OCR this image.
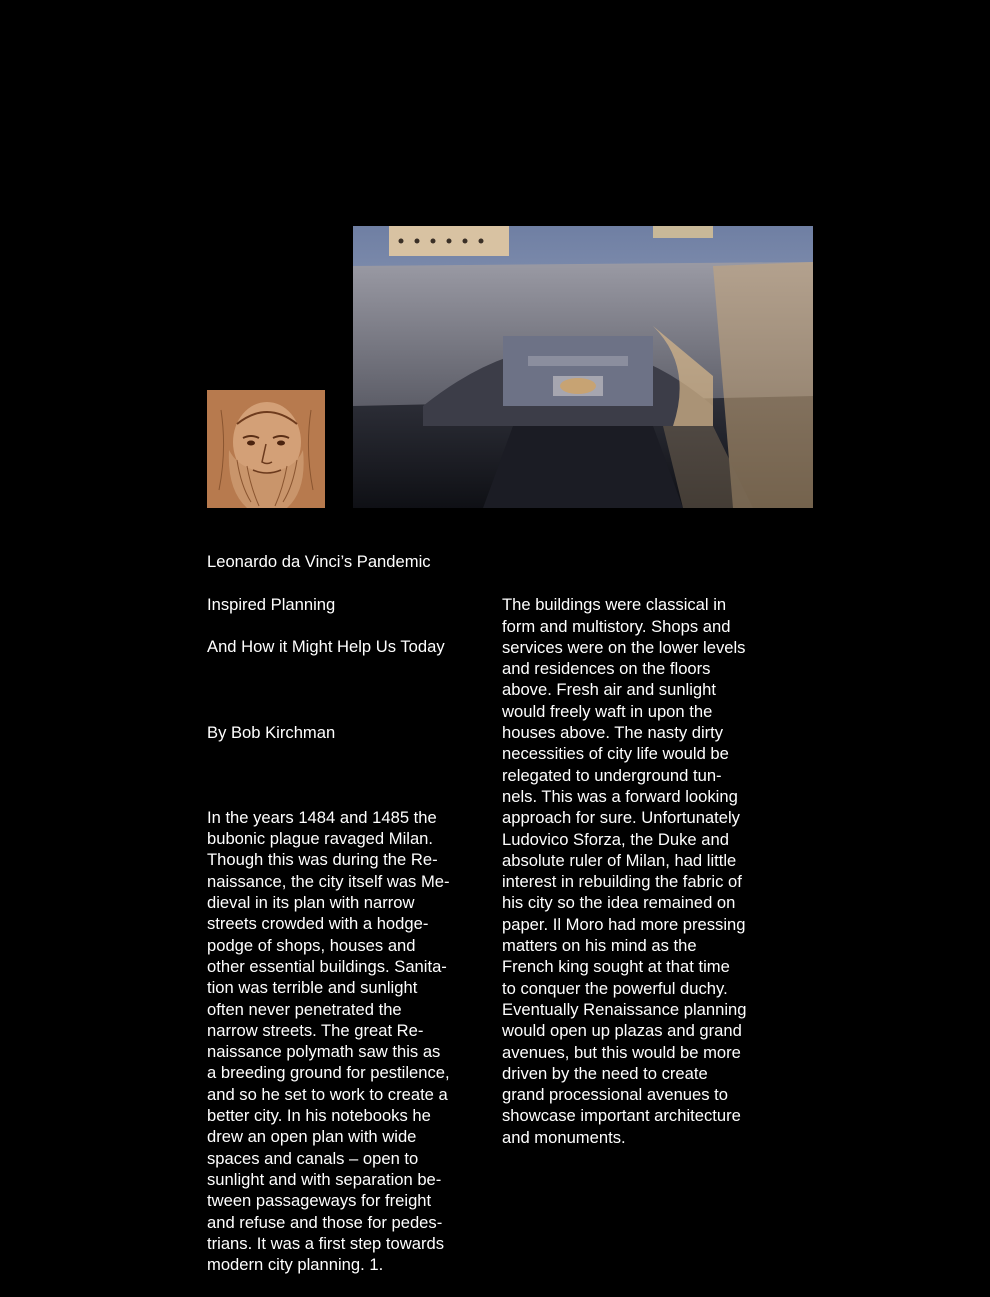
Leonardo da Vinci’s Pandemic

Inspired Planning

And How it Might Help Us Today

By Bob Kirchman

In the years 1484 and 1485 the
bubonic plague ravaged Milan.
Though this was during the Re-
naissance, the city itself was Me-
dieval in its plan with narrow
streets crowded with a hodge-
podge of shops, houses and
other essential buildings. Sanita-
tion was terrible and sunlight
often never penetrated the
narrow streets. The great Re-
naissance polymath saw this as
a breeding ground for pestilence,
and so he set to work to create a
better city. In his notebooks he
drew an open plan with wide
spaces and canals – open to
sunlight and with separation be-
tween passageways for freight
and refuse and those for pedes-
trians. It was a first step towards
modern city planning. 1.

The buildings were classical in
form and multistory. Shops and
services were on the lower levels
and residences on the floors
above. Fresh air and sunlight
would freely waft in upon the
houses above. The nasty dirty
necessities of city life would be
relegated to underground tun-
nels. This was a forward looking
approach for sure. Unfortunately
Ludovico Sforza, the Duke and
absolute ruler of Milan, had little
interest in rebuilding the fabric of
his city so the idea remained on
paper. Il Moro had more pressing
matters on his mind as the
French king sought at that time
to conquer the powerful duchy.
Eventually Renaissance planning
would open up plazas and grand
avenues, but this would be more
driven by the need to create
grand processional avenues to
showcase important architecture
and monuments.
